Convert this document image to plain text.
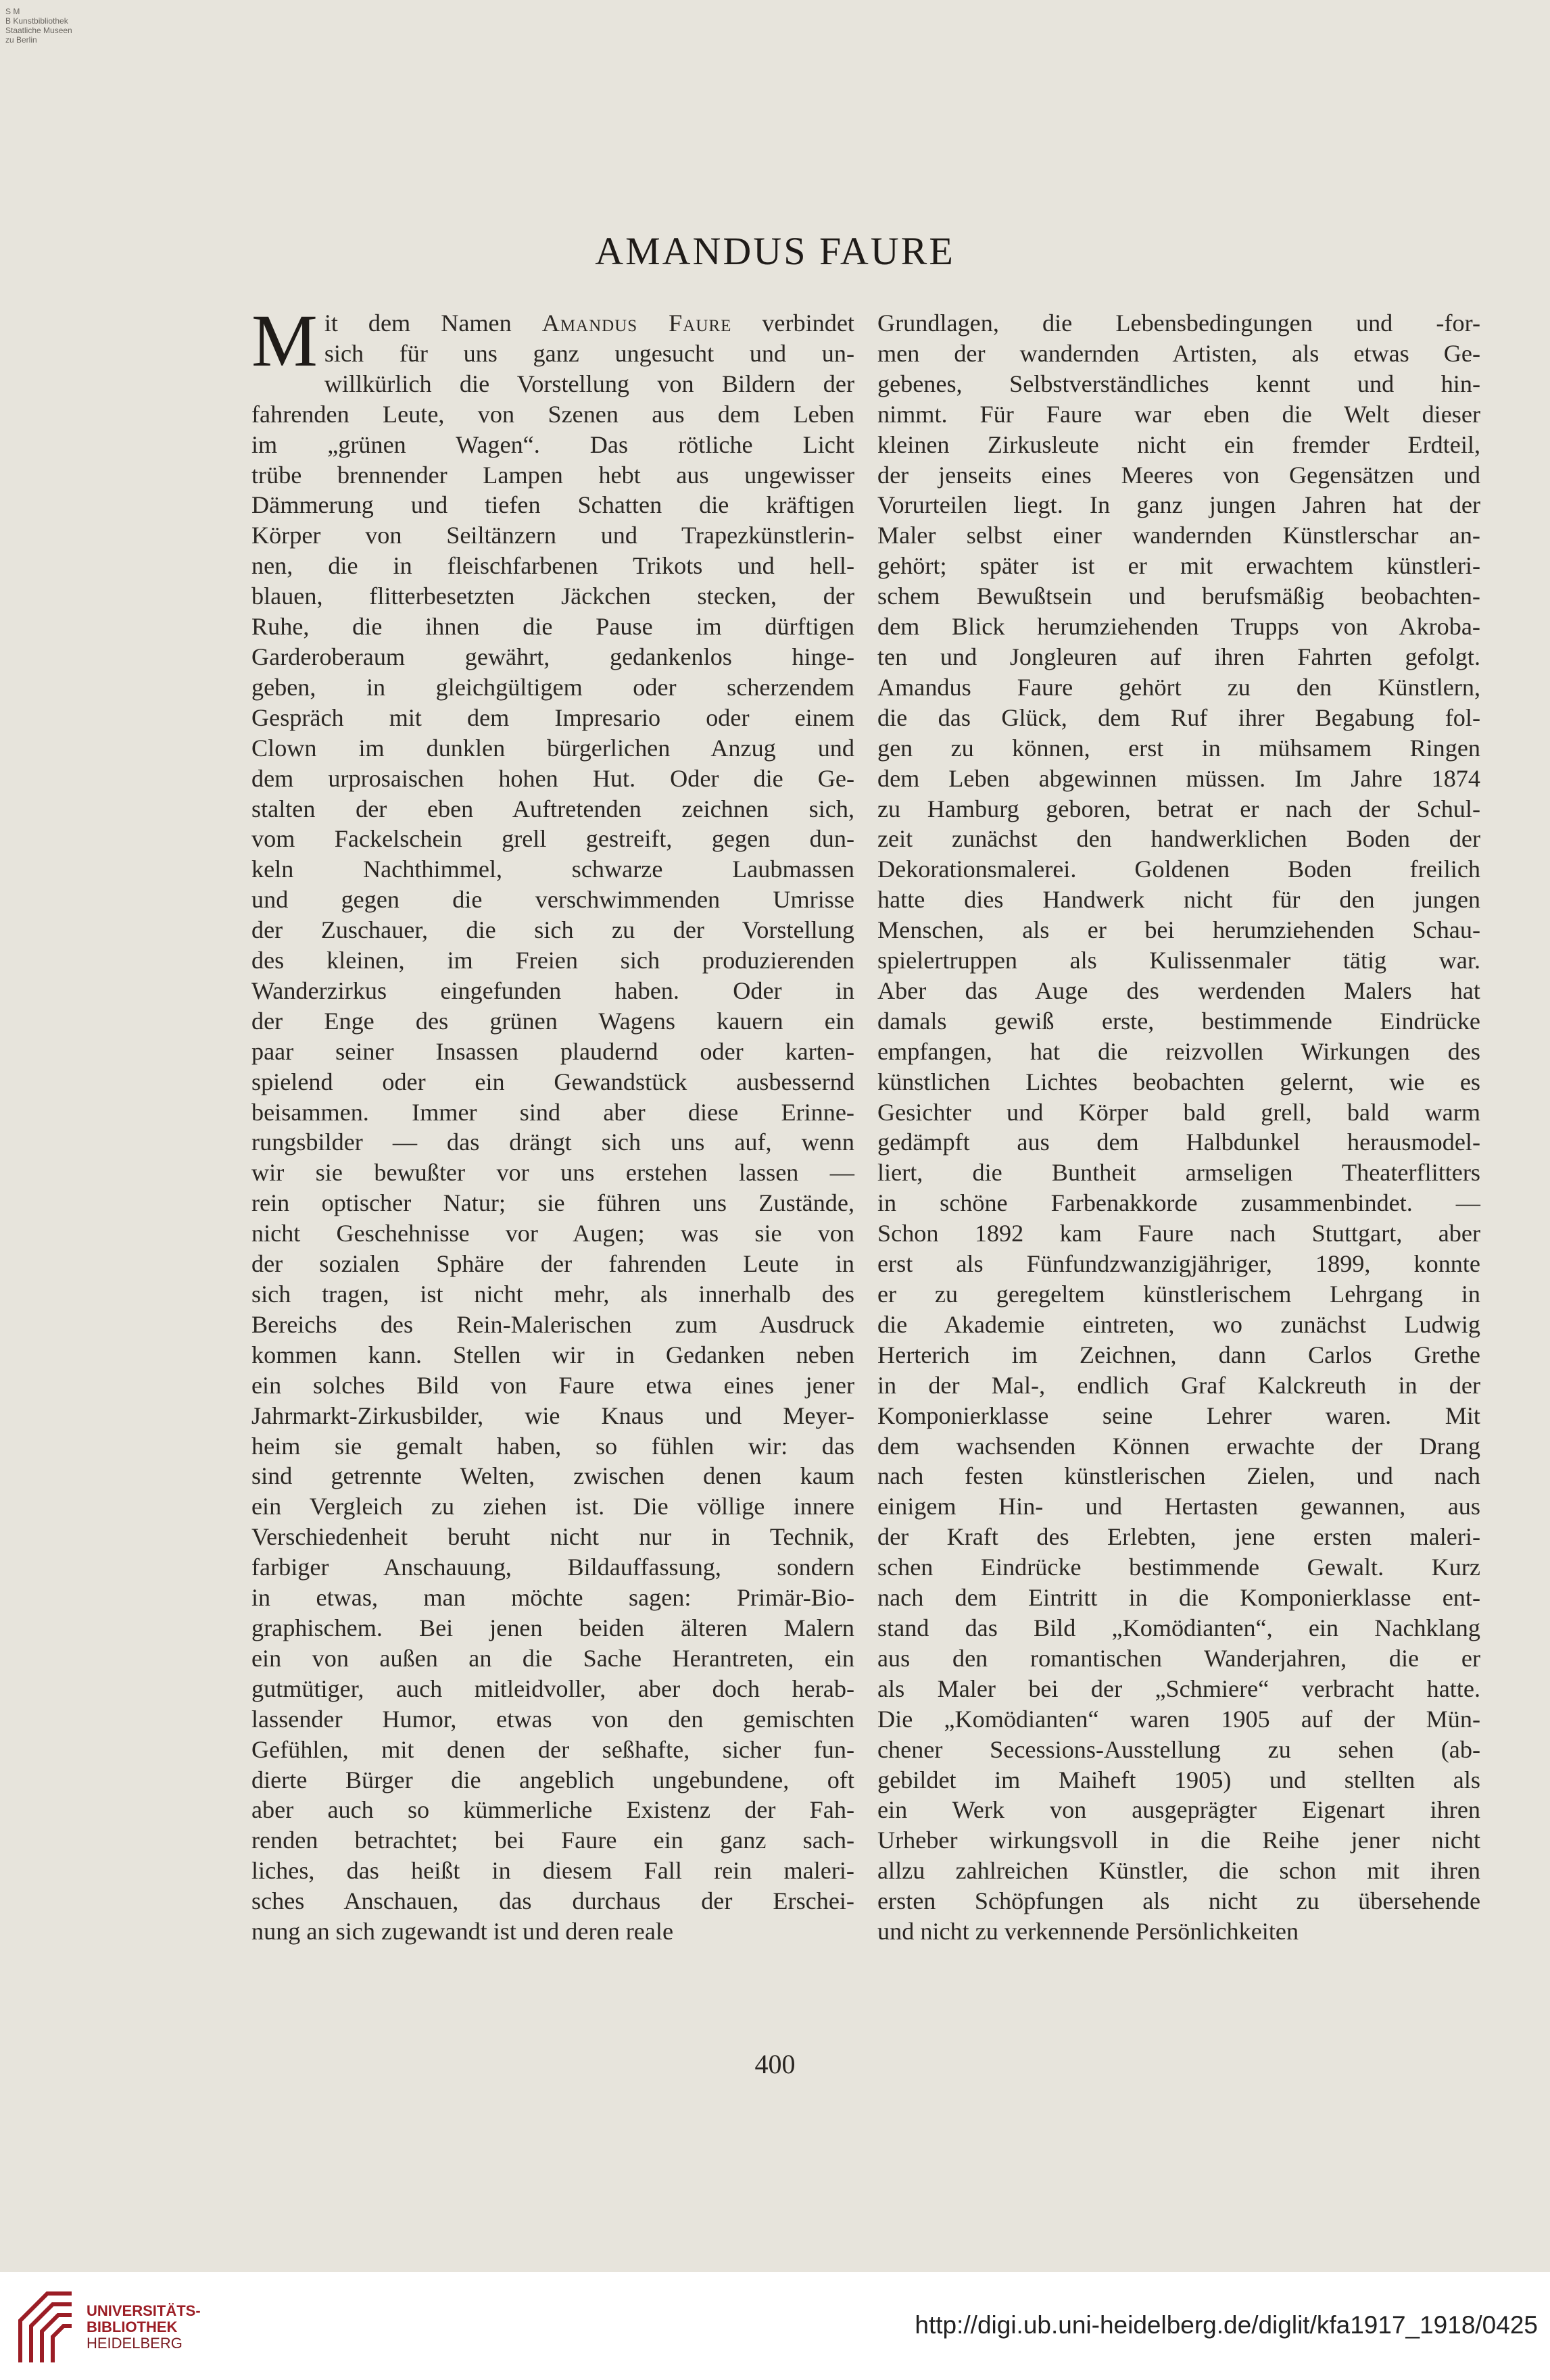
S M
B Kunstbibliothek
Staatliche Museen
zu Berlin
AMANDUS FAURE
M it dem Namen Amandus Faure verbindet

sich für uns ganz ungesucht und un-

willkürlich die Vorstellung von Bildern der

fahrenden Leute, von Szenen aus dem Leben

im „grünen Wagen“. Das rötliche Licht

trübe brennender Lampen hebt aus ungewisser

Dämmerung und tiefen Schatten die kräftigen

Körper von Seiltänzern und Trapezkünstlerin-

nen, die in fleischfarbenen Trikots und hell-

blauen, flitterbesetzten Jäckchen stecken, der

Ruhe, die ihnen die Pause im dürftigen

Garderoberaum gewährt, gedankenlos hinge-

geben, in gleichgültigem oder scherzendem

Gespräch mit dem Impresario oder einem

Clown im dunklen bürgerlichen Anzug und

dem urprosaischen hohen Hut. Oder die Ge-

stalten der eben Auftretenden zeichnen sich,

vom Fackelschein grell gestreift, gegen dun-

keln Nachthimmel, schwarze Laubmassen

und gegen die verschwimmenden Umrisse

der Zuschauer, die sich zu der Vorstellung

des kleinen, im Freien sich produzierenden

Wanderzirkus eingefunden haben. Oder in

der Enge des grünen Wagens kauern ein

paar seiner Insassen plaudernd oder karten-

spielend oder ein Gewandstück ausbessernd

beisammen. Immer sind aber diese Erinne-

rungsbilder — das drängt sich uns auf, wenn

wir sie bewußter vor uns erstehen lassen —

rein optischer Natur; sie führen uns Zustände,

nicht Geschehnisse vor Augen; was sie von

der sozialen Sphäre der fahrenden Leute in

sich tragen, ist nicht mehr, als innerhalb des

Bereichs des Rein-Malerischen zum Ausdruck

kommen kann. Stellen wir in Gedanken neben

ein solches Bild von Faure etwa eines jener

Jahrmarkt-Zirkusbilder, wie Knaus und Meyer-

heim sie gemalt haben, so fühlen wir: das

sind getrennte Welten, zwischen denen kaum

ein Vergleich zu ziehen ist. Die völlige innere

Verschiedenheit beruht nicht nur in Technik,

farbiger Anschauung, Bildauffassung, sondern

in etwas, man möchte sagen: Primär-Bio-

graphischem. Bei jenen beiden älteren Malern

ein von außen an die Sache Herantreten, ein

gutmütiger, auch mitleidvoller, aber doch herab-

lassender Humor, etwas von den gemischten

Gefühlen, mit denen der seßhafte, sicher fun-

dierte Bürger die angeblich ungebundene, oft

aber auch so kümmerliche Existenz der Fah-

renden betrachtet; bei Faure ein ganz sach-

liches, das heißt in diesem Fall rein maleri-

sches Anschauen, das durchaus der Erschei-

nung an sich zugewandt ist und deren reale

Grundlagen, die Lebensbedingungen und -for-

men der wandernden Artisten, als etwas Ge-

gebenes, Selbstverständliches kennt und hin-

nimmt. Für Faure war eben die Welt dieser

kleinen Zirkusleute nicht ein fremder Erdteil,

der jenseits eines Meeres von Gegensätzen und

Vorurteilen liegt. In ganz jungen Jahren hat der

Maler selbst einer wandernden Künstlerschar an-

gehört; später ist er mit erwachtem künstleri-

schem Bewußtsein und berufsmäßig beobachten-

dem Blick herumziehenden Trupps von Akroba-

ten und Jongleuren auf ihren Fahrten gefolgt.

Amandus Faure gehört zu den Künstlern,

die das Glück, dem Ruf ihrer Begabung fol-

gen zu können, erst in mühsamem Ringen

dem Leben abgewinnen müssen. Im Jahre 1874

zu Hamburg geboren, betrat er nach der Schul-

zeit zunächst den handwerklichen Boden der

Dekorationsmalerei. Goldenen Boden freilich

hatte dies Handwerk nicht für den jungen

Menschen, als er bei herumziehenden Schau-

spielertruppen als Kulissenmaler tätig war.

Aber das Auge des werdenden Malers hat

damals gewiß erste, bestimmende Eindrücke

empfangen, hat die reizvollen Wirkungen des

künstlichen Lichtes beobachten gelernt, wie es

Gesichter und Körper bald grell, bald warm

gedämpft aus dem Halbdunkel herausmodel-

liert, die Buntheit armseligen Theaterflitters

in schöne Farbenakkorde zusammenbindet. —

Schon 1892 kam Faure nach Stuttgart, aber

erst als Fünfundzwanzigjähriger, 1899, konnte

er zu geregeltem künstlerischem Lehrgang in

die Akademie eintreten, wo zunächst Ludwig

Herterich im Zeichnen, dann Carlos Grethe

in der Mal-, endlich Graf Kalckreuth in der

Komponierklasse seine Lehrer waren. Mit

dem wachsenden Können erwachte der Drang

nach festen künstlerischen Zielen, und nach

einigem Hin- und Hertasten gewannen, aus

der Kraft des Erlebten, jene ersten maleri-

schen Eindrücke bestimmende Gewalt. Kurz

nach dem Eintritt in die Komponierklasse ent-

stand das Bild „Komödianten“, ein Nachklang

aus den romantischen Wanderjahren, die er

als Maler bei der „Schmiere“ verbracht hatte.

Die „Komödianten“ waren 1905 auf der Mün-

chener Secessions-Ausstellung zu sehen (ab-

gebildet im Maiheft 1905) und stellten als

ein Werk von ausgeprägter Eigenart ihren

Urheber wirkungsvoll in die Reihe jener nicht

allzu zahlreichen Künstler, die schon mit ihren

ersten Schöpfungen als nicht zu übersehende

und nicht zu verkennende Persönlichkeiten

400
UNIVERSITÄTS-
BIBLIOTHEK
HEIDELBERG
http://digi.ub.uni-heidelberg.de/diglit/kfa1917_1918/0425
